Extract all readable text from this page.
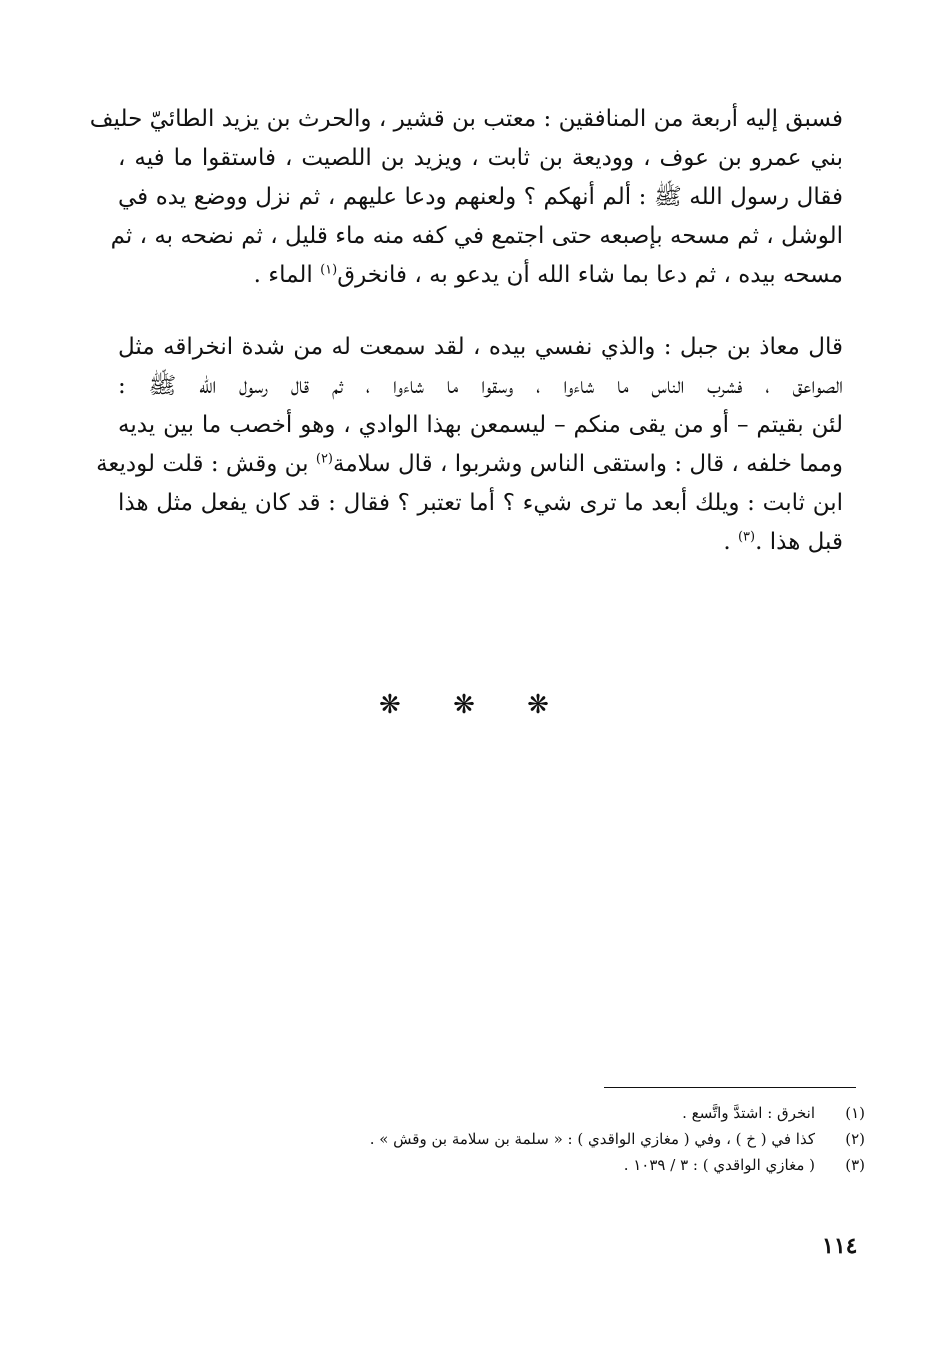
فسبق إليه أربعة من المنافقين : معتب بن قشير ، والحرث بن يزيد الطائيّ حليف
بني عمرو بن عوف ، ووديعة بن ثابت ، ويزيد بن اللصيت ، فاستقوا ما فيه ،
فقال رسول الله ﷺ : ألم أنهكم ؟ ولعنهم ودعا عليهم ، ثم نزل ووضع يده في
الوشل ، ثم مسحه بإصبعه حتى اجتمع في كفه منه ماء قليل ، ثم نضحه به ، ثم
مسحه بيده ، ثم دعا بما شاء الله أن يدعو به ، فانخرق$^{(١)}$ الماء .

قال معاذ بن جبل : والذي نفسي بيده ، لقد سمعت له من شدة انخراقه مثل
الصواعق ، فشرب الناس ما شاءوا ، وسقوا ما شاءوا ، ثم قال رسول الله ﷺ :
لئن بقيتم – أو من يقى منكم – ليسمعن بهذا الوادي ، وهو أخصب ما بين يديه
ومما خلفه ، قال : واستقى الناس وشربوا ، قال سلامة$^{(٢)}$ بن وقش : قلت لوديعة
ابن ثابت : ويلك أبعد ما ترى شيء ؟ أما تعتبر ؟ فقال : قد كان يفعل مثل هذا
قبل هذا .$^{(٣)}$ .

❋ ❋ ❋
(١)
انخرق : اشتدَّ واتَّسع .
(٢)
كذا في ( خ ) ، وفي ( مغازي الواقدي ) : « سلمة بن سلامة بن وقش » .
(٣)
( مغازي الواقدي ) : ٣ / ١٠٣٩ .
١١٤
